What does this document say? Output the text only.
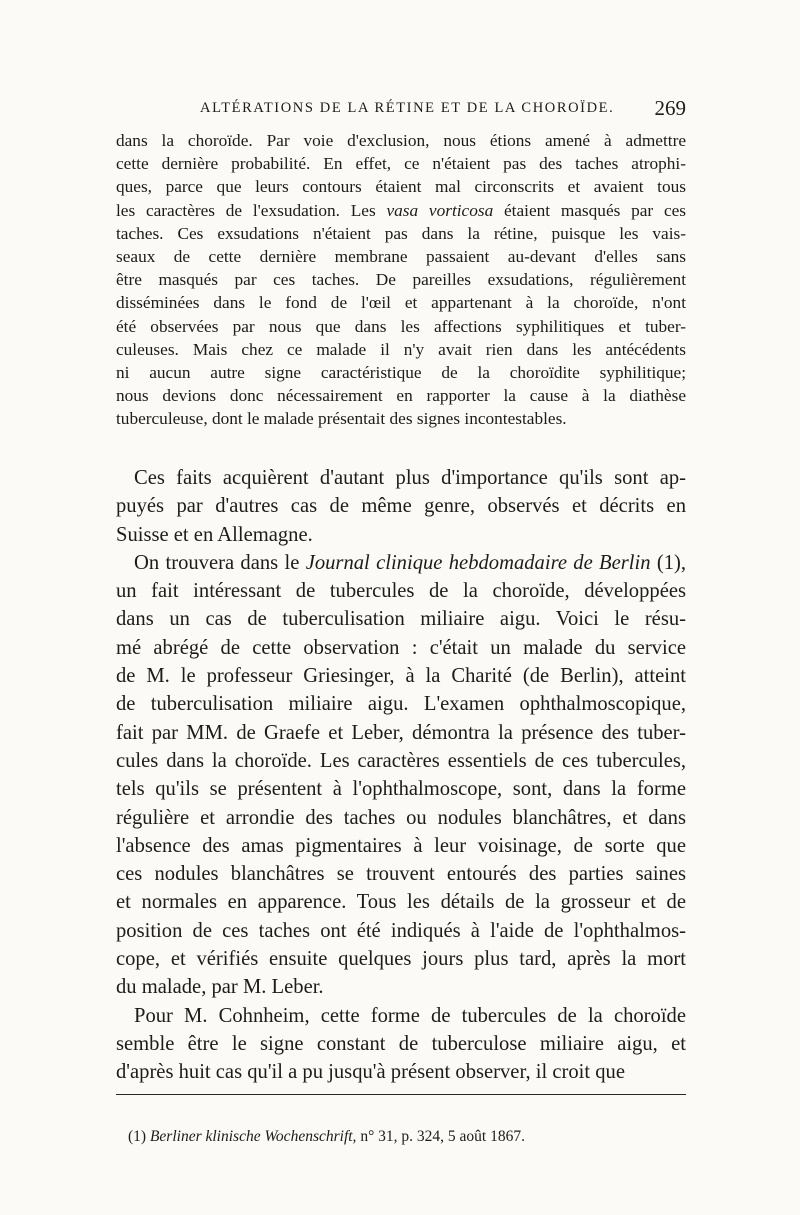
ALTÉRATIONS DE LA RÉTINE ET DE LA CHOROÏDE. 269
dans la choroïde. Par voie d'exclusion, nous étions amené à admettre
cette dernière probabilité. En effet, ce n'étaient pas des taches atrophi-
ques, parce que leurs contours étaient mal circonscrits et avaient tous
les caractères de l'exsudation. Les vasa vorticosa étaient masqués par ces
taches. Ces exsudations n'étaient pas dans la rétine, puisque les vais-
seaux de cette dernière membrane passaient au-devant d'elles sans
être masqués par ces taches. De pareilles exsudations, régulièrement
disséminées dans le fond de l'œil et appartenant à la choroïde, n'ont
été observées par nous que dans les affections syphilitiques et tuber-
culeuses. Mais chez ce malade il n'y avait rien dans les antécédents
ni aucun autre signe caractéristique de la choroïdite syphilitique;
nous devions donc nécessairement en rapporter la cause à la diathèse
tuberculeuse, dont le malade présentait des signes incontestables.
Ces faits acquièrent d'autant plus d'importance qu'ils sont ap-
puyés par d'autres cas de même genre, observés et décrits en
Suisse et en Allemagne.
On trouvera dans le Journal clinique hebdomadaire de Berlin (1),
un fait intéressant de tubercules de la choroïde, développées
dans un cas de tuberculisation miliaire aigu. Voici le résu-
mé abrégé de cette observation : c'était un malade du service
de M. le professeur Griesinger, à la Charité (de Berlin), atteint
de tuberculisation miliaire aigu. L'examen ophthalmoscopique,
fait par MM. de Graefe et Leber, démontra la présence des tuber-
cules dans la choroïde. Les caractères essentiels de ces tubercules,
tels qu'ils se présentent à l'ophthalmoscope, sont, dans la forme
régulière et arrondie des taches ou nodules blanchâtres, et dans
l'absence des amas pigmentaires à leur voisinage, de sorte que
ces nodules blanchâtres se trouvent entourés des parties saines
et normales en apparence. Tous les détails de la grosseur et de
position de ces taches ont été indiqués à l'aide de l'ophthalmos-
cope, et vérifiés ensuite quelques jours plus tard, après la mort
du malade, par M. Leber.
Pour M. Cohnheim, cette forme de tubercules de la choroïde
semble être le signe constant de tuberculose miliaire aigu, et
d'après huit cas qu'il a pu jusqu'à présent observer, il croit que
(1) Berliner klinische Wochenschrift, n° 31, p. 324, 5 août 1867.
